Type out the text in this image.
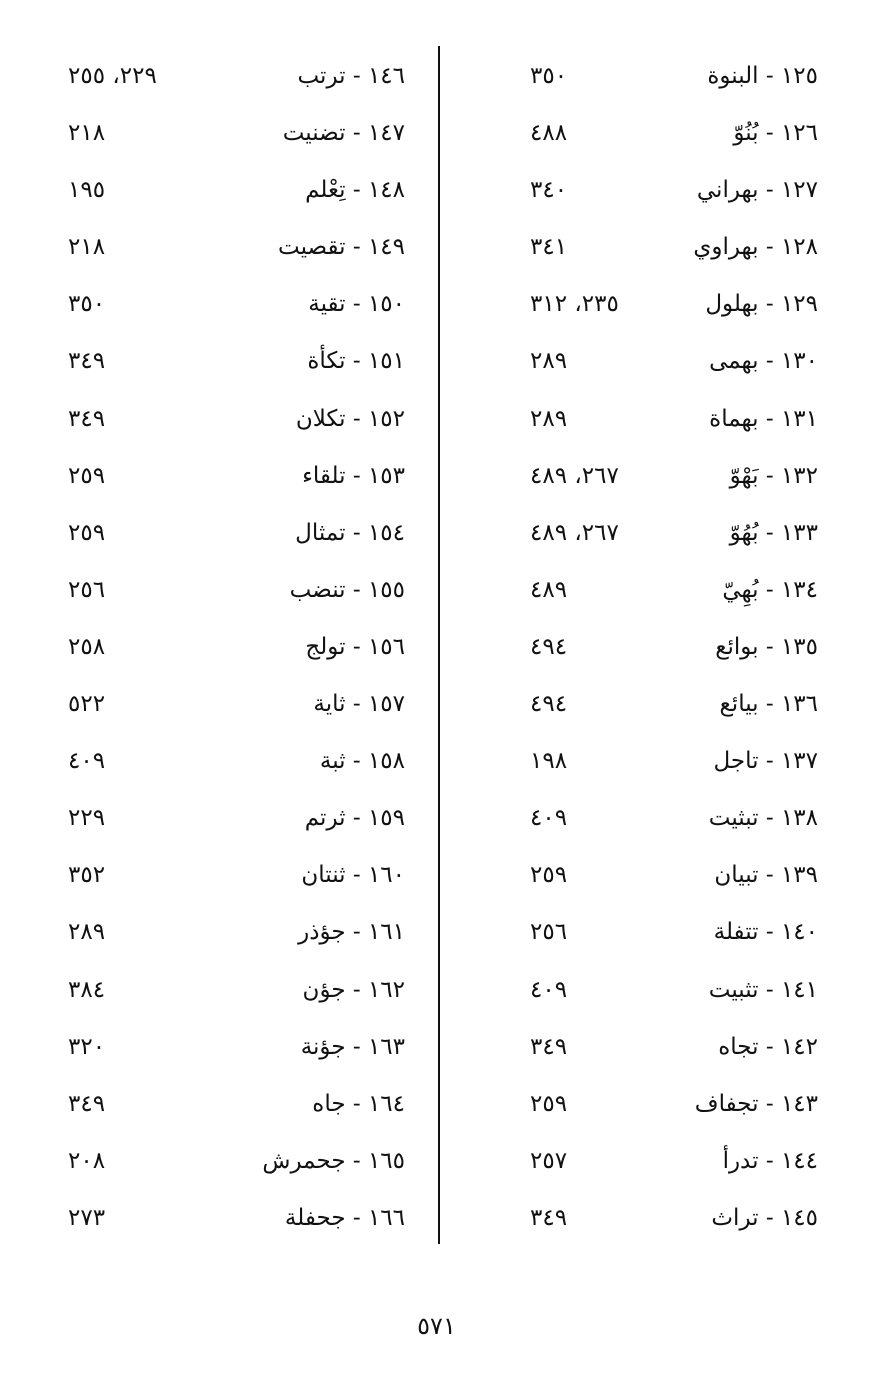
١٢٥ - البنوة
٣٥٠
١٢٦ - بُنُوّ
٤٨٨
١٢٧ - بهراني
٣٤٠
١٢٨ - بهراوي
٣٤١
١٢٩ - بهلول
٢٣٥، ٣١٢
١٣٠ - بهمى
٢٨٩
١٣١ - بهماة
٢٨٩
١٣٢ - بَهْوّ
٢٦٧، ٤٨٩
١٣٣ - بُهُوّ
٢٦٧، ٤٨٩
١٣٤ - بُهِيّ
٤٨٩
١٣٥ - بوائع
٤٩٤
١٣٦ - بيائع
٤٩٤
١٣٧ - تاجل
١٩٨
١٣٨ - تبثيت
٤٠٩
١٣٩ - تبيان
٢٥٩
١٤٠ - تتفلة
٢٥٦
١٤١ - تثبيت
٤٠٩
١٤٢ - تجاه
٣٤٩
١٤٣ - تجفاف
٢٥٩
١٤٤ - تدرأ
٢٥٧
١٤٥ - تراث
٣٤٩
١٤٦ - ترتب
٢٢٩، ٢٥٥
١٤٧ - تضنيت
٢١٨
١٤٨ - تِعْلم
١٩٥
١٤٩ - تقصيت
٢١٨
١٥٠ - تقية
٣٥٠
١٥١ - تكأة
٣٤٩
١٥٢ - تكلان
٣٤٩
١٥٣ - تلقاء
٢٥٩
١٥٤ - تمثال
٢٥٩
١٥٥ - تنضب
٢٥٦
١٥٦ - تولج
٢٥٨
١٥٧ - ثاية
٥٢٢
١٥٨ - ثبة
٤٠٩
١٥٩ - ثرتم
٢٢٩
١٦٠ - ثنتان
٣٥٢
١٦١ - جؤذر
٢٨٩
١٦٢ - جؤن
٣٨٤
١٦٣ - جؤنة
٣٢٠
١٦٤ - جاه
٣٤٩
١٦٥ - جحمرش
٢٠٨
١٦٦ - جحفلة
٢٧٣
٥٧١
